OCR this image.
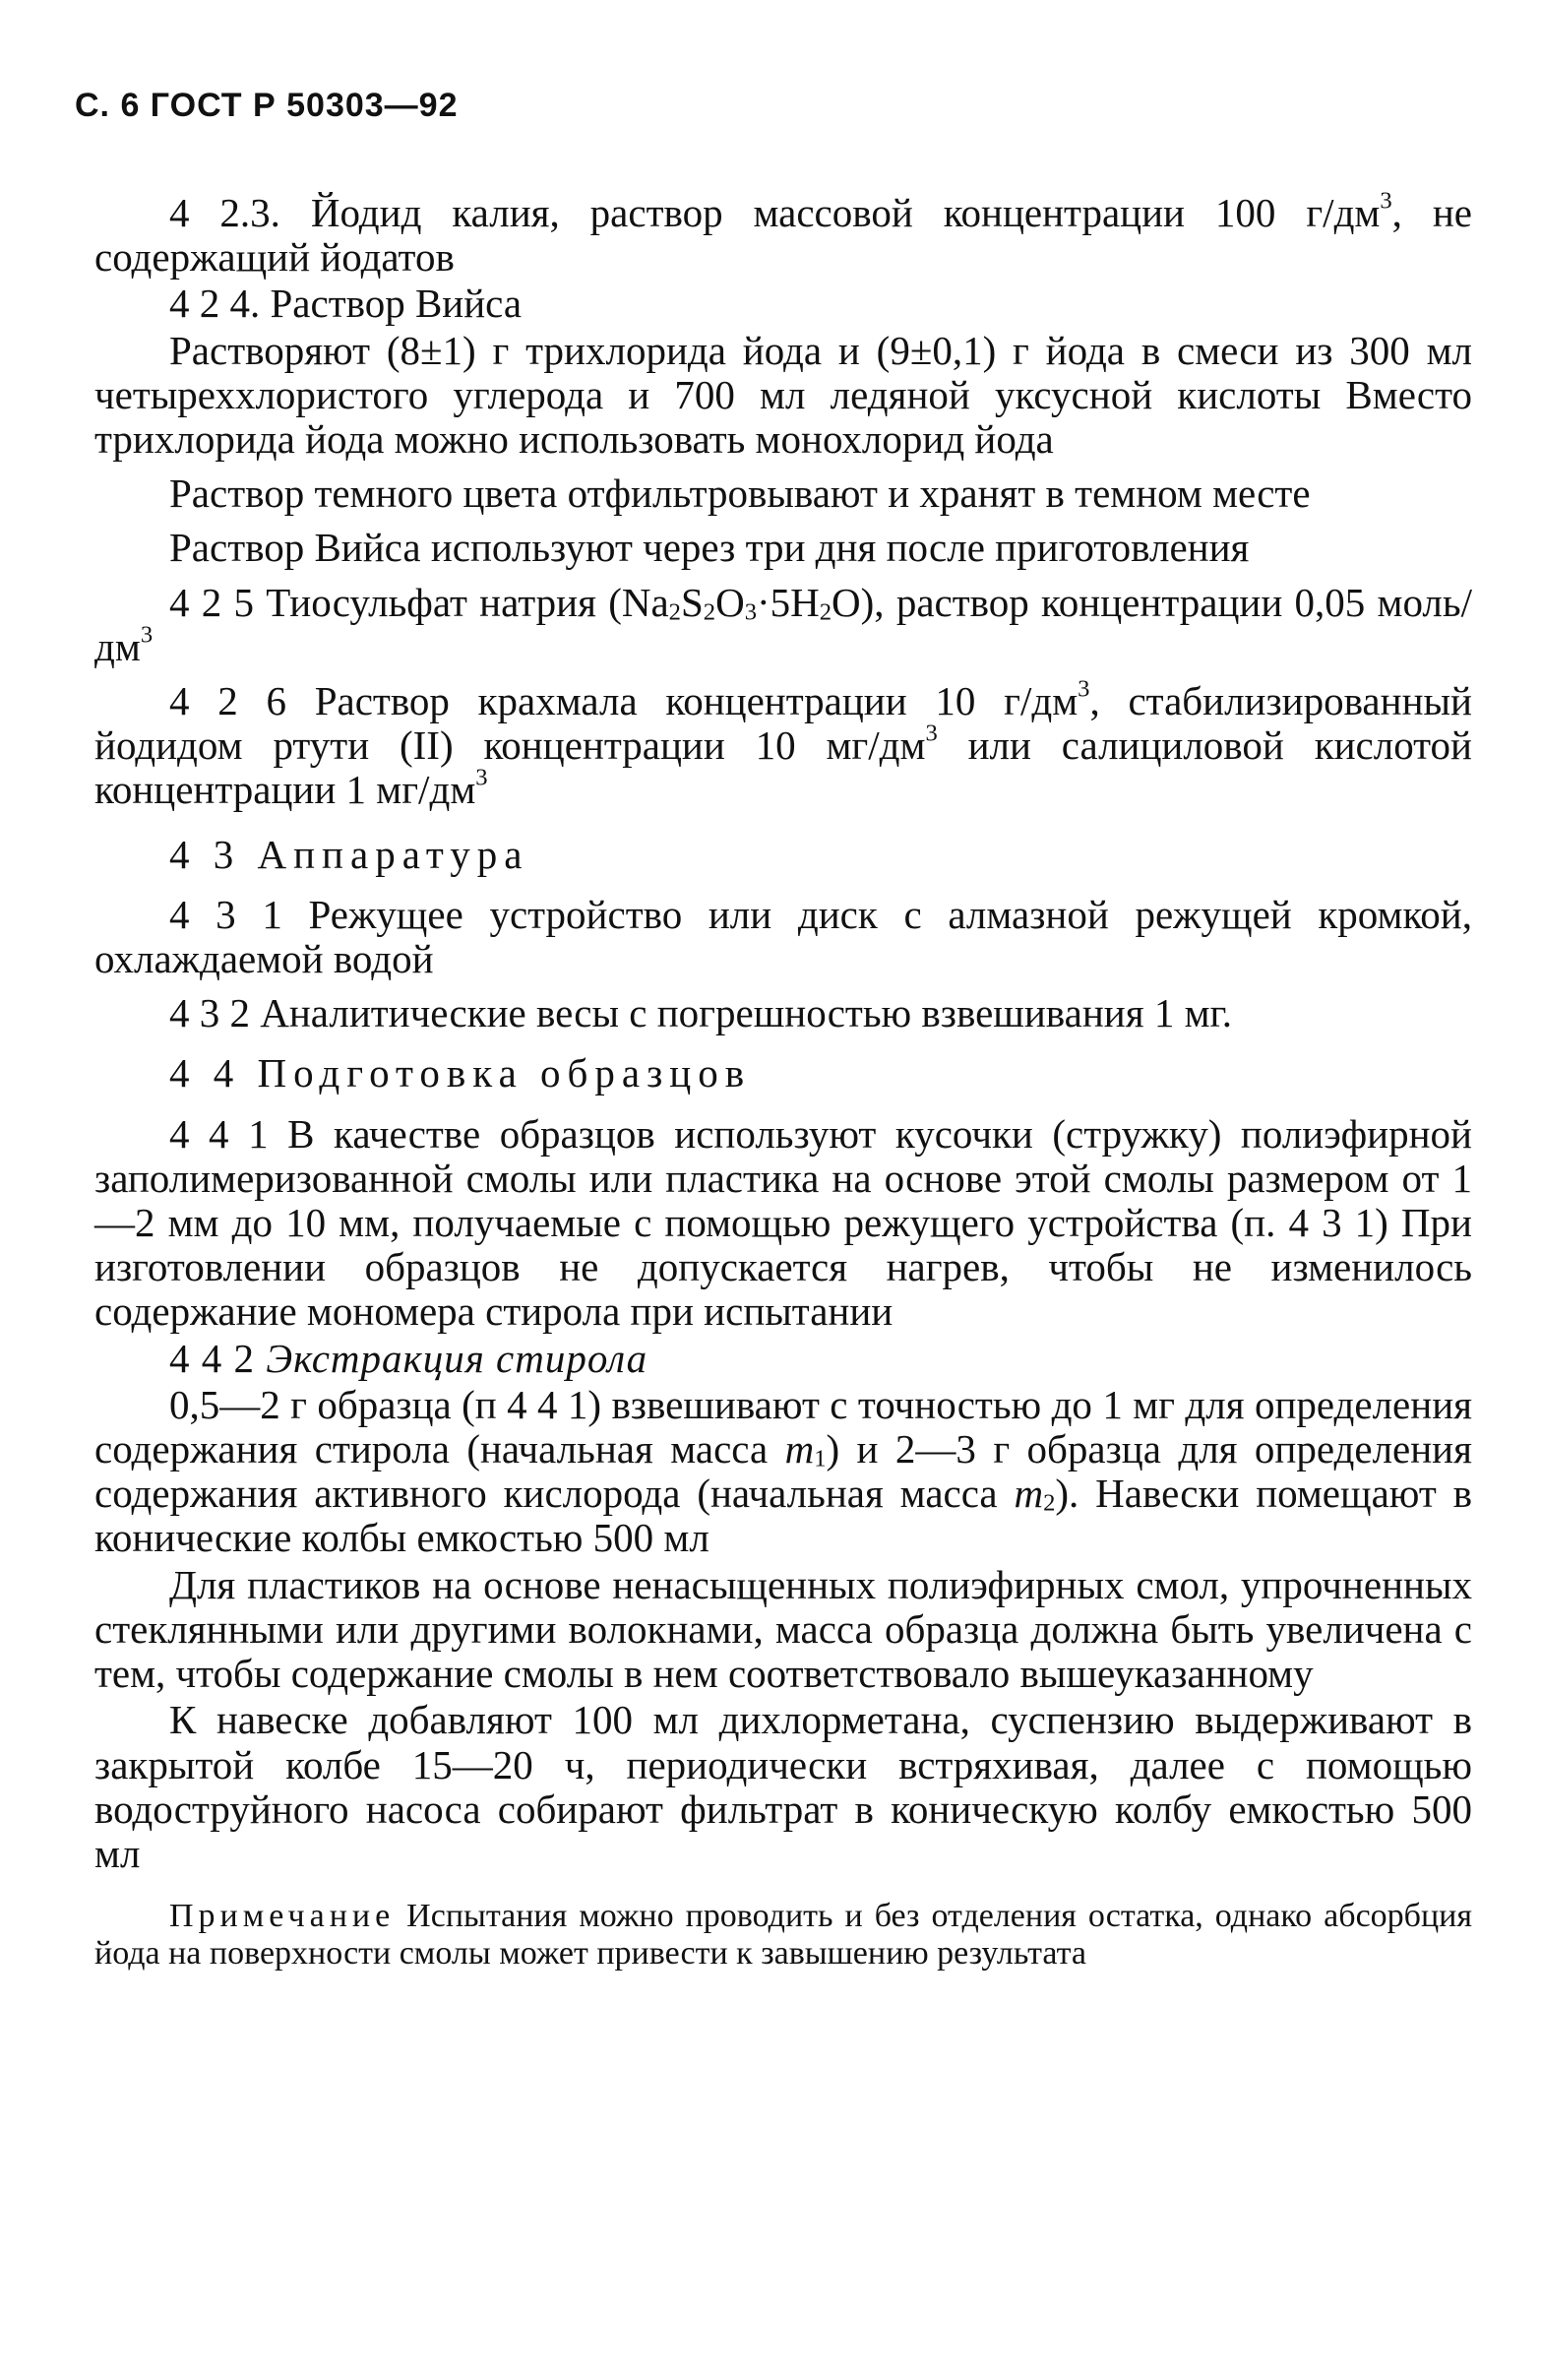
С. 6 ГОСТ Р 50303—92

4 2.3. Йодид калия, раствор массовой концентрации 100 $г/дм^3$, не содержащий йодатов

4 2 4. Раствор Вийса

Растворяют (8±1) г трихлорида йода и (9±0,1) г йода в смеси из 300 мл четыреххлористого углерода и 700 мл ледяной уксусной кислоты Вместо трихлорида йода можно использовать монохлорид йода

Раствор темного цвета отфильтровывают и хранят в темном месте

Раствор Вийса используют через три дня после приготовления

4 2 5 Тиосульфат натрия $(Na_2S_2O_3\cdot 5H_2O)$, раствор концентрации 0,05 моль/$дм^3$

4 2 6 Раствор крахмала концентрации 10 $г/дм^3$, стабилизированный йодидом ртути (II) концентрации 10 $мг/дм^3$ или салициловой кислотой концентрации 1 $мг/дм^3$

4 3 Аппаратура

4 3 1 Режущее устройство или диск с алмазной режущей кромкой, охлаждаемой водой

4 3 2 Аналитические весы с погрешностью взвешивания 1 мг.

4 4 Подготовка образцов

4 4 1 В качестве образцов используют кусочки (стружку) полиэфирной заполимеризованной смолы или пластика на основе этой смолы размером от 1—2 мм до 10 мм, получаемые с помощью режущего устройства (п. 4 3 1) При изготовлении образцов не допускается нагрев, чтобы не изменилось содержание мономера стирола при испытании

4 4 2 Экстракция стирола

0,5—2 г образца (п 4 4 1) взвешивают с точностью до 1 мг для определения содержания стирола (начальная масса $m_1$) и 2—3 г образца для определения содержания активного кислорода (начальная масса $m_2$). Навески помещают в конические колбы емкостью 500 мл

Для пластиков на основе ненасыщенных полиэфирных смол, упрочненных стеклянными или другими волокнами, масса образца должна быть увеличена с тем, чтобы содержание смолы в нем соответствовало вышеуказанному

К навеске добавляют 100 мл дихлорметана, суспензию выдерживают в закрытой колбе 15—20 ч, периодически встряхивая, далее с помощью водоструйного насоса собирают фильтрат в коническую колбу емкостью 500 мл

Примечание Испытания можно проводить и без отделения остатка, однако абсорбция йода на поверхности смолы может привести к завышению результата
